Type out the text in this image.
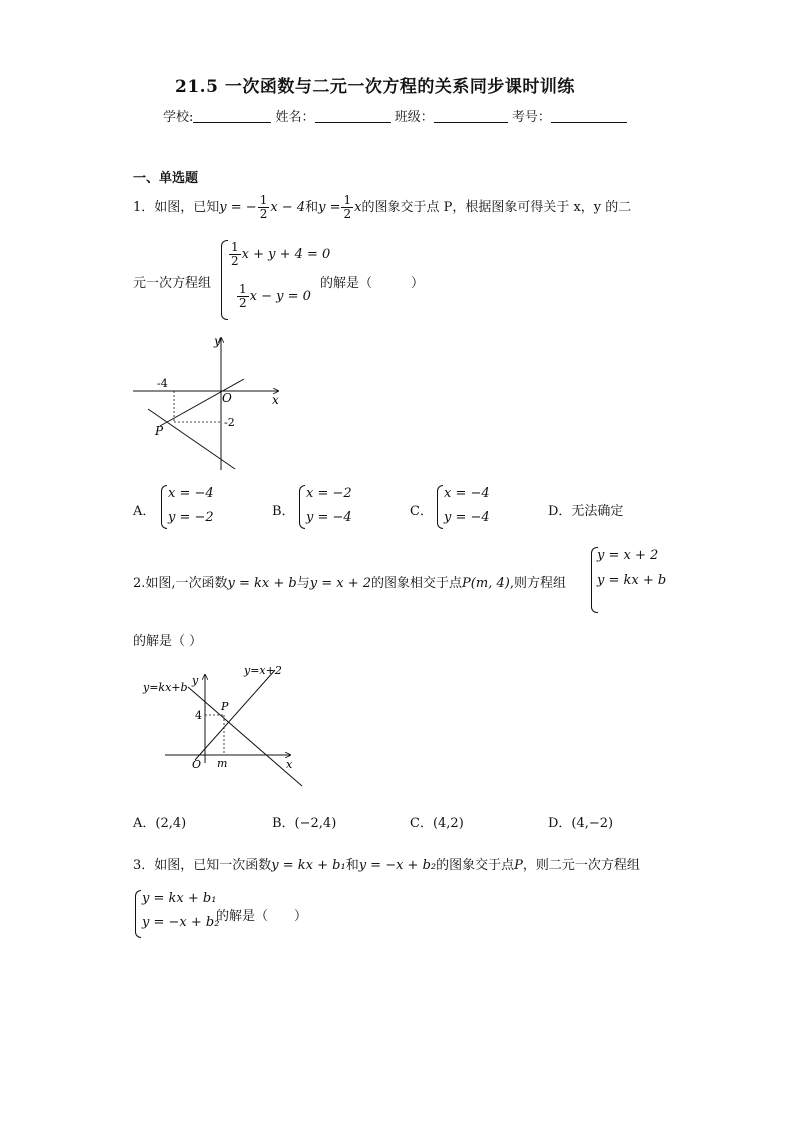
21.5 一次函数与二元一次方程的关系同步课时训练
学校:	姓名：	班级：	考号：
一、单选题
1．如图，已知y = − $\frac{1}{2}$ x − 4和$y = \frac{1}{2}$ x的图象交于点 P，根据图象可得关于 x，y 的二
元一次方程组
$\frac{1}{2}$ x + y + 4 = 0
$\frac{1}{2}$ x − y = 0
的解是（　　　）
y
x
O
-4
-2
P
A．
x = −4
y = −2	B．
x = −2
y = −4	C．
x = −4
y = −4	D．无法确定
2.如图,一次函数y = kx + b与y = x + 2的图象相交于点P(m, 4),则方程组
y = x + 2
y = kx + b
的解是（ ）
y=kx+b
y=x+2
y
x
O
P
4
m
A．(2,4)	B．(−2,4)	C．(4,2)	D．(4,−2)
3．如图，已知一次函数y = kx + b₁和y = −x + b₂的图象交于点P，则二元一次方程组
y = kx + b₁
y = −x + b₂
的解是（　　）
